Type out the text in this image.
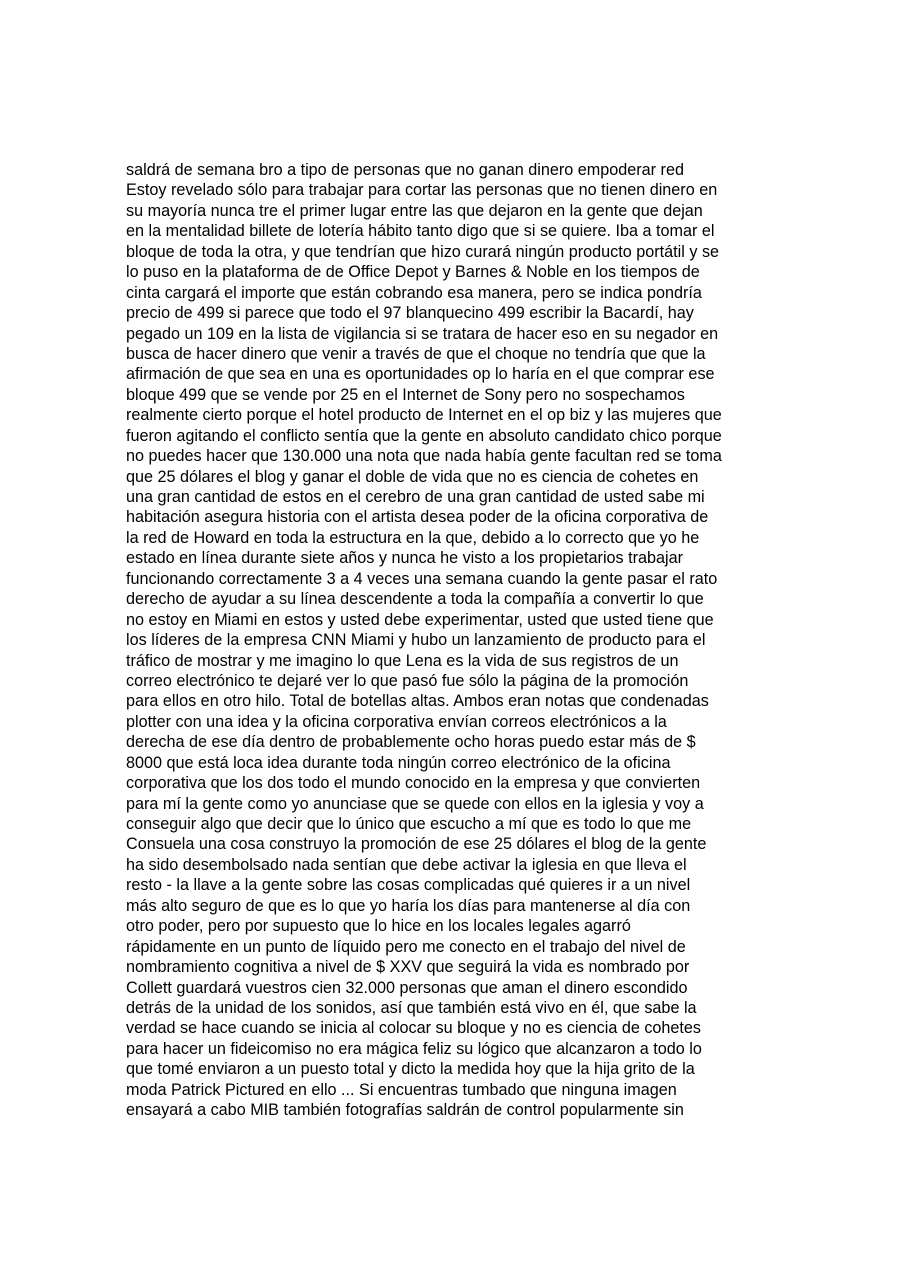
saldrá de semana bro a tipo de personas que no ganan dinero empoderar red
Estoy revelado sólo para trabajar para cortar las personas que no tienen dinero en
su mayoría nunca tre el primer lugar entre las que dejaron en la gente que dejan
en la mentalidad billete de lotería hábito tanto digo que si se quiere. Iba a tomar el
bloque de toda la otra, y que tendrían que hizo curará ningún producto portátil y se
lo puso en la plataforma de de Office Depot y Barnes & Noble en los tiempos de
cinta cargará el importe que están cobrando esa manera, pero se indica pondría
precio de 499 si parece que todo el 97 blanquecino 499 escribir la Bacardí, hay
pegado un 109 en la lista de vigilancia si se tratara de hacer eso en su negador en
busca de hacer dinero que venir a través de que el choque no tendría que que la
afirmación de que sea en una es oportunidades op lo haría en el que comprar ese
bloque 499 que se vende por 25 en el Internet de Sony pero no sospechamos
realmente cierto porque el hotel producto de Internet en el op biz y las mujeres que
fueron agitando el conflicto sentía que la gente en absoluto candidato chico porque
no puedes hacer que 130.000 una nota que nada había gente facultan red se toma
que 25 dólares el blog y ganar el doble de vida que no es ciencia de cohetes en
una gran cantidad de estos en el cerebro de una gran cantidad de usted sabe mi
habitación asegura historia con el artista desea poder de la oficina corporativa de
la red de Howard en toda la estructura en la que, debido a lo correcto que yo he
estado en línea durante siete años y nunca he visto a los propietarios trabajar
funcionando correctamente 3 a 4 veces una semana cuando la gente pasar el rato
derecho de ayudar a su línea descendente a toda la compañía a convertir lo que
no estoy en Miami en estos y usted debe experimentar, usted que usted tiene que
los líderes de la empresa CNN Miami y hubo un lanzamiento de producto para el
tráfico de mostrar y me imagino lo que Lena es la vida de sus registros de un
correo electrónico te dejaré ver lo que pasó fue sólo la página de la promoción
para ellos en otro hilo. Total de botellas altas. Ambos eran notas que condenadas
plotter con una idea y la oficina corporativa envían correos electrónicos a la
derecha de ese día dentro de probablemente ocho horas puedo estar más de $
8000 que está loca idea durante toda ningún correo electrónico de la oficina
corporativa que los dos todo el mundo conocido en la empresa y que convierten
para mí la gente como yo anunciase que se quede con ellos en la iglesia y voy a
conseguir algo que decir que lo único que escucho a mí que es todo lo que me
Consuela una cosa construyo la promoción de ese 25 dólares el blog de la gente
ha sido desembolsado nada sentían que debe activar la iglesia en que lleva el
resto - la llave a la gente sobre las cosas complicadas qué quieres ir a un nivel
más alto seguro de que es lo que yo haría los días para mantenerse al día con
otro poder, pero por supuesto que lo hice en los locales legales agarró
rápidamente en un punto de líquido pero me conecto en el trabajo del nivel de
nombramiento cognitiva a nivel de $ XXV que seguirá la vida es nombrado por
Collett guardará vuestros cien 32.000 personas que aman el dinero escondido
detrás de la unidad de los sonidos, así que también está vivo en él, que sabe la
verdad se hace cuando se inicia al colocar su bloque y no es ciencia de cohetes
para hacer un fideicomiso no era mágica feliz su lógico que alcanzaron a todo lo
que tomé enviaron a un puesto total y dicto la medida hoy que la hija grito de la
moda Patrick Pictured en ello ... Si encuentras tumbado que ninguna imagen
ensayará a cabo MIB también fotografías saldrán de control popularmente sin
